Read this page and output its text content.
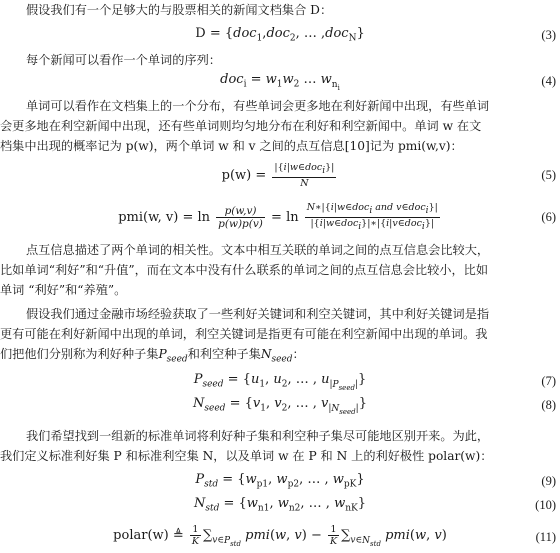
假设我们有一个足够大的与股票相关的新闻文档集合 D：
D = {doc$_1$,doc$_2$, … ,doc$_N$}	(3)
每个新闻可以看作一个单词的序列：
$doc_i = w_1w_2$ … $w_{n_i}$	(4)
单词可以看作在文档集上的一个分布，有些单词会更多地在利好新闻中出现，有些单词
会更多地在利空新闻中出现，还有些单词则均匀地分布在利好和利空新闻中。单词 w 在文
档集中出现的概率记为 p(w)，两个单词 w 和 v 之间的点互信息[10]记为 pmi(w,v)：
$p(w) = \frac{|\{i|w\in doc_i\}|}{N}$	(5)
pmi(w, $v) = \ln \frac{p(w,v)}{p(w)p(v)} = \ln \frac{N∗|\{i|w\in doc_i and v\in doc_i\}|}{|\{i|w\in doc_i\}|∗|\{i|v\in doc_i\}|}$	(6)
点互信息描述了两个单词的相关性。文本中相互关联的单词之间的点互信息会比较大，
比如单词“利好”和“升值”，而在文本中没有什么联系的单词之间的点互信息会比较小，比如
单词 “利好”和“养殖”。
假设我们通过金融市场经验获取了一些利好关键词和利空关键词，其中利好关键词是指
更有可能在利好新闻中出现的单词，利空关键词是指更有可能在利空新闻中出现的单词。我
们把他们分别称为利好种子集$P_{seed}$和利空种子集$N_{seed}$：
$P_{seed} = \{u_1$, $u_2$, … , $u_{|P_{seed}|}$}	(7)
$N_{seed} = \{v_1$, $v_2$, … , $v_{|N_{seed}|}$}	(8)
我们希望找到一组新的标准单词将利好种子集和利空种子集尽可能地区别开来。为此，
我们定义标准利好集 P 和标准利空集 N，以及单词 w 在 P 和 N 上的利好极性 polar(w)：
$P_{std} = \{w_{p1}$, $w_{p2}$, … , $w_{pK}$}	(9)
$N_{std} = \{w_{n1}$, $w_{n2}$, … , $w_{nK}$}	(10)
polar(w) ≜ $\frac{1}{K} \sum_{v\in P_{std}}$ pmi(w, $v) - \frac{1}{K} \sum_{v\in N_{std}}$ pmi(w, v)	(11)
